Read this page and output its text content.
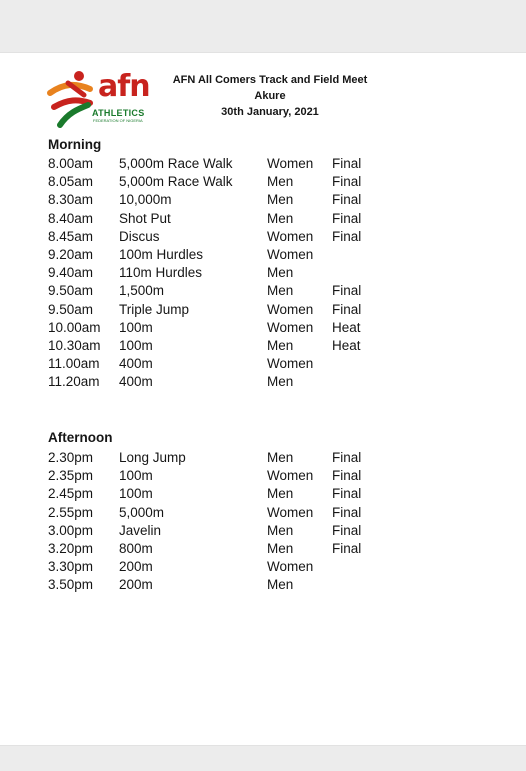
afn
ATHLETICS
FEDERATION OF NIGERIA
AFN All Comers Track and Field Meet
Akure
30th January, 2021
Morning
8.00am 5,000m Race Walk	Women Final
8.05am 5,000m Race Walk	Men	Final
8.30am 10,000m	Men	Final
8.40am Shot Put	Men	Final
8.45am Discus	Women Final
9.20am 100m Hurdles	Women
9.40am 110m Hurdles	Men
9.50am 1,500m	Men	Final
9.50am Triple Jump	Women Final
10.00am 100m	Women Heat
10.30am 100m	Men	Heat
11.00am 400m	Women
11.20am 400m	Men
Afternoon
2.30pm Long Jump	Men	Final
2.35pm 100m	Women Final
2.45pm 100m	Men	Final
2.55pm 5,000m	Women Final
3.00pm Javelin	Men	Final
3.20pm 800m	Men	Final
3.30pm 200m	Women
3.50pm 200m	Men
